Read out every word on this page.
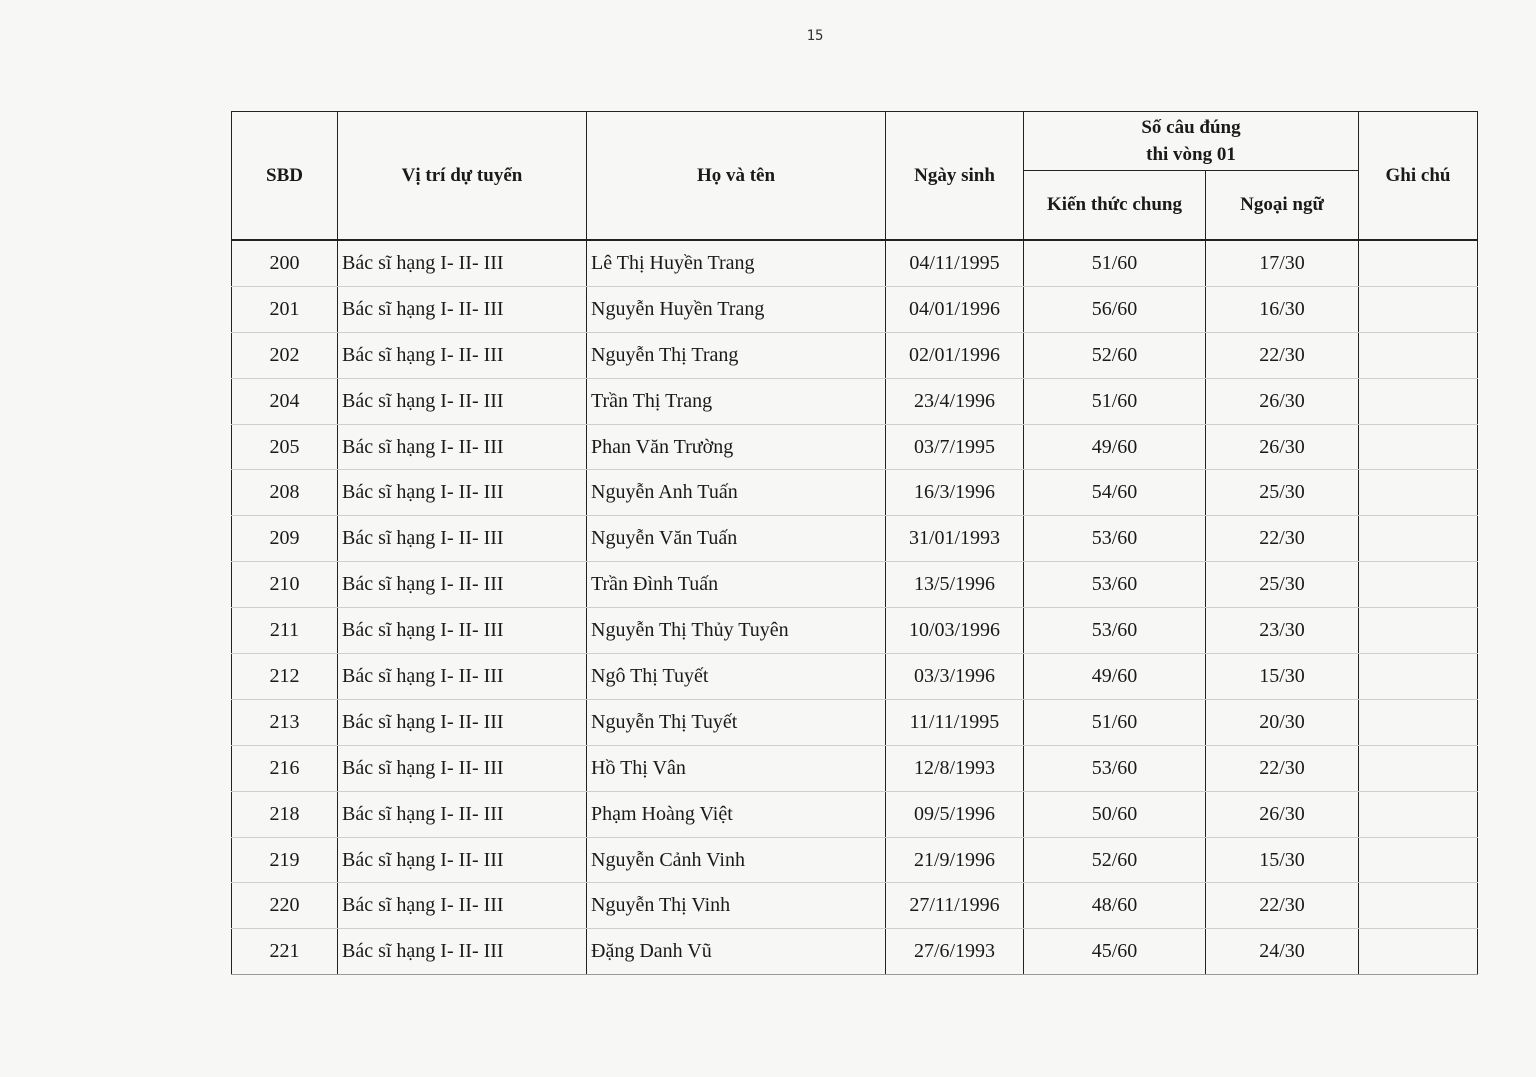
15
SBD	Vị trí dự tuyển	Họ và tên	Ngày sinh	Số câu đúng
thi vòng 01		Ghi chú
				Kiến thức chung	Ngoại ngữ	
200	Bác sĩ hạng I- II- III	Lê Thị Huyền Trang	04/11/1995	51/60	17/30	
201	Bác sĩ hạng I- II- III	Nguyễn Huyền Trang	04/01/1996	56/60	16/30	
202	Bác sĩ hạng I- II- III	Nguyễn Thị Trang	02/01/1996	52/60	22/30	
204	Bác sĩ hạng I- II- III	Trần Thị Trang	23/4/1996	51/60	26/30	
205	Bác sĩ hạng I- II- III	Phan Văn Trường	03/7/1995	49/60	26/30	
208	Bác sĩ hạng I- II- III	Nguyễn Anh Tuấn	16/3/1996	54/60	25/30	
209	Bác sĩ hạng I- II- III	Nguyễn Văn Tuấn	31/01/1993	53/60	22/30	
210	Bác sĩ hạng I- II- III	Trần Đình Tuấn	13/5/1996	53/60	25/30	
211	Bác sĩ hạng I- II- III	Nguyễn Thị Thủy Tuyên	10/03/1996	53/60	23/30	
212	Bác sĩ hạng I- II- III	Ngô Thị Tuyết	03/3/1996	49/60	15/30	
213	Bác sĩ hạng I- II- III	Nguyễn Thị Tuyết	11/11/1995	51/60	20/30	
216	Bác sĩ hạng I- II- III	Hồ Thị Vân	12/8/1993	53/60	22/30	
218	Bác sĩ hạng I- II- III	Phạm Hoàng Việt	09/5/1996	50/60	26/30	
219	Bác sĩ hạng I- II- III	Nguyễn Cảnh Vinh	21/9/1996	52/60	15/30	
220	Bác sĩ hạng I- II- III	Nguyễn Thị Vinh	27/11/1996	48/60	22/30	
221	Bác sĩ hạng I- II- III	Đặng Danh Vũ	27/6/1993	45/60	24/30	
